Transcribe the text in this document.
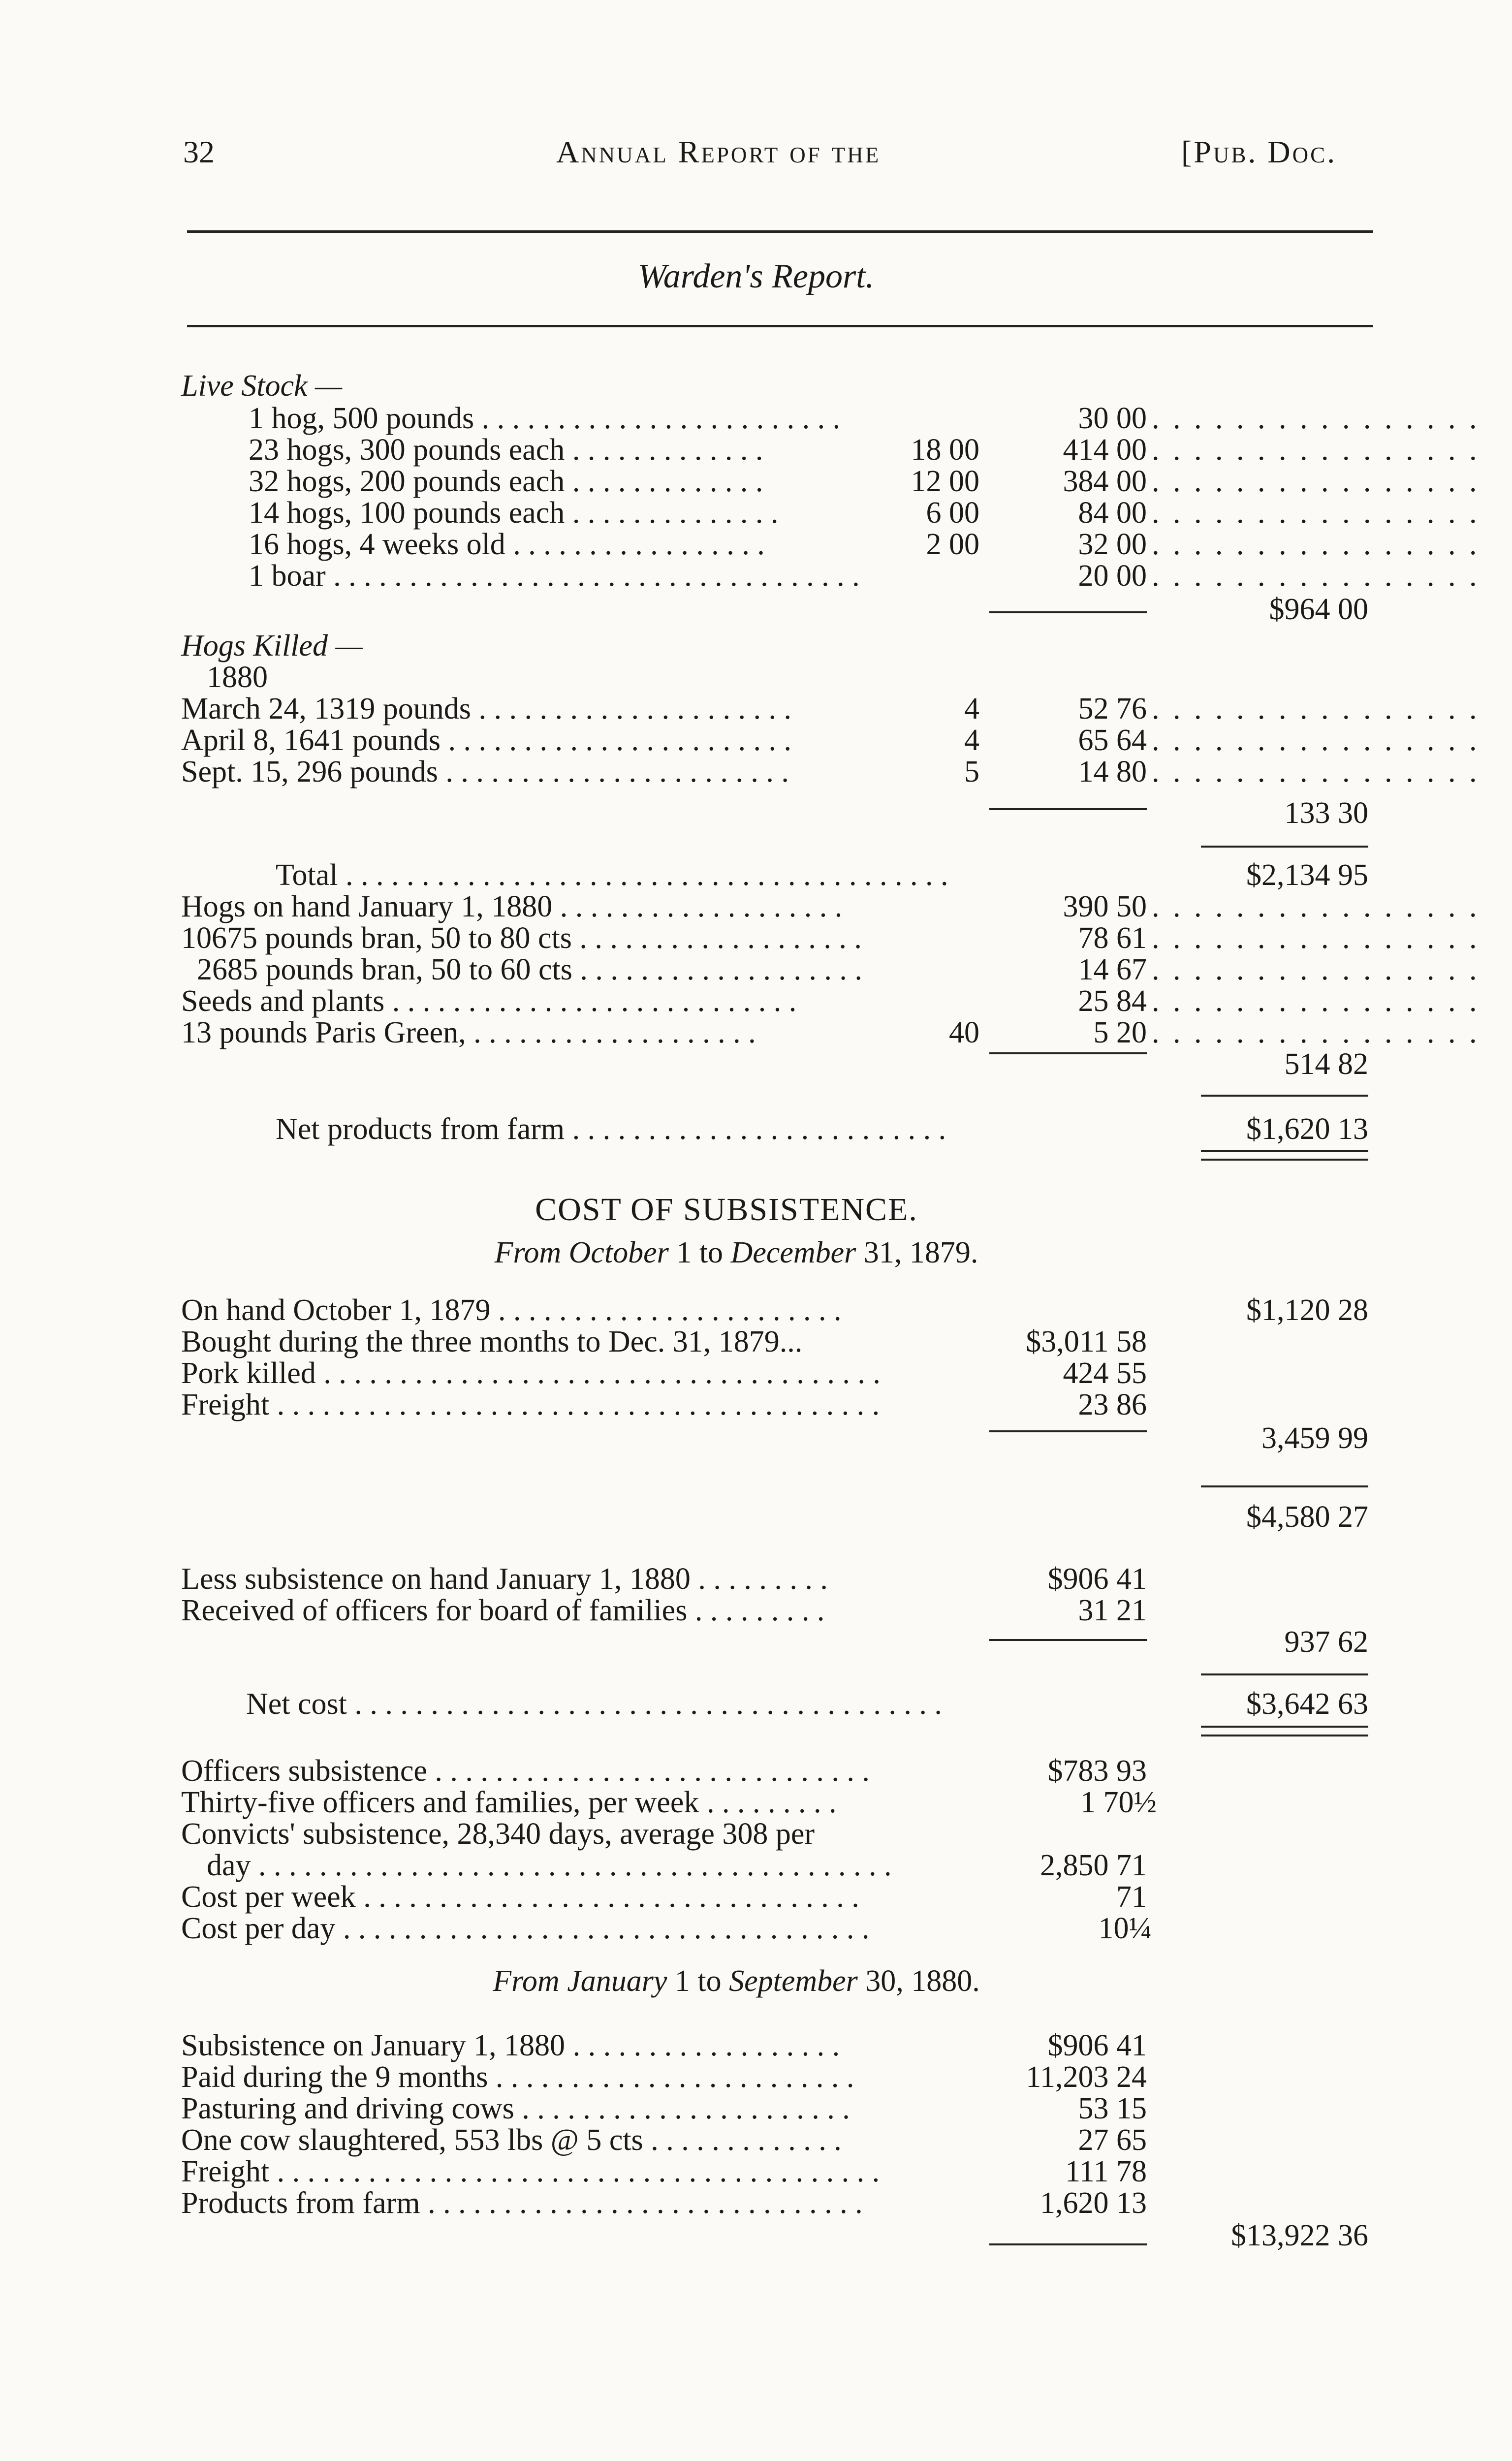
32	Annual Report of the	[Pub. Doc.
Warden's Report.
Live Stock —
1 hog, 500 pounds . . . . . . . . . . . . . . . . . . . . . . . .	30 00
23 hogs, 300 pounds each . . . . . . . . . . . . .	18 00	414 00
32 hogs, 200 pounds each . . . . . . . . . . . . .	12 00	384 00
14 hogs, 100 pounds each . . . . . . . . . . . . . .	6 00	84 00
16 hogs, 4 weeks old . . . . . . . . . . . . . . . . .	2 00	32 00
1 boar . . . . . . . . . . . . . . . . . . . . . . . . . . . . . . . . . . .	20 00
. . . . . . . . . . . . . . . .
. . . . . . . . . . . . . . . .
. . . . . . . . . . . . . . . .
. . . . . . . . . . . . . . . .
. . . . . . . . . . . . . . . .
. . . . . . . . . . . . . . . .
$964 00
Hogs Killed —
1880
March 24, 1319 pounds . . . . . . . . . . . . . . . . . . . . .	4	52 76
April 8, 1641 pounds . . . . . . . . . . . . . . . . . . . . . . .	4	65 64
Sept. 15, 296 pounds . . . . . . . . . . . . . . . . . . . . . . .	5	14 80
. . . . . . . . . . . . . . . .
. . . . . . . . . . . . . . . .
. . . . . . . . . . . . . . . .
133 30
Total . . . . . . . . . . . . . . . . . . . . . . . . . . . . . . . . . . . . . . . .	$2,134 95
Hogs on hand January 1, 1880 . . . . . . . . . . . . . . . . . . .	390 50
10675 pounds bran, 50 to 80 cts . . . . . . . . . . . . . . . . . . .	78 61
2685 pounds bran, 50 to 60 cts . . . . . . . . . . . . . . . . . . .	14 67
Seeds and plants . . . . . . . . . . . . . . . . . . . . . . . . . . .	25 84
13 pounds Paris Green, . . . . . . . . . . . . . . . . . . .	40	5 20
. . . . . . . . . . . . . . . .
. . . . . . . . . . . . . . . .
. . . . . . . . . . . . . . . .
. . . . . . . . . . . . . . . .
. . . . . . . . . . . . . . . .
514 82
Net products from farm . . . . . . . . . . . . . . . . . . . . . . . . .	$1,620 13
COST OF SUBSISTENCE.
From October 1 to December 31, 1879.
On hand October 1, 1879 . . . . . . . . . . . . . . . . . . . . . . .	$1,120 28
Bought during the three months to Dec. 31, 1879...	$3,011 58
Pork killed . . . . . . . . . . . . . . . . . . . . . . . . . . . . . . . . . . . . .	424 55
Freight . . . . . . . . . . . . . . . . . . . . . . . . . . . . . . . . . . . . . . . .	23 86
3,459 99
$4,580 27
Less subsistence on hand January 1, 1880 . . . . . . . . .	$906 41
Received of officers for board of families . . . . . . . . .	31 21
937 62
Net cost . . . . . . . . . . . . . . . . . . . . . . . . . . . . . . . . . . . . . . .	$3,642 63
Officers subsistence . . . . . . . . . . . . . . . . . . . . . . . . . . . . .	$783 93
Thirty-five officers and families, per week . . . . . . . . .	1 70½
Convicts' subsistence, 28,340 days, average 308 per
day . . . . . . . . . . . . . . . . . . . . . . . . . . . . . . . . . . . . . . . . . .	2,850 71
Cost per week . . . . . . . . . . . . . . . . . . . . . . . . . . . . . . . . .	71
Cost per day . . . . . . . . . . . . . . . . . . . . . . . . . . . . . . . . . . .	10¼
From January 1 to September 30, 1880.
Subsistence on January 1, 1880 . . . . . . . . . . . . . . . . . .	$906 41
Paid during the 9 months . . . . . . . . . . . . . . . . . . . . . . . .	11,203 24
Pasturing and driving cows . . . . . . . . . . . . . . . . . . . . . .	53 15
One cow slaughtered, 553 lbs @ 5 cts . . . . . . . . . . . . .	27 65
Freight . . . . . . . . . . . . . . . . . . . . . . . . . . . . . . . . . . . . . . . .	111 78
Products from farm . . . . . . . . . . . . . . . . . . . . . . . . . . . . .	1,620 13
$13,922 36
